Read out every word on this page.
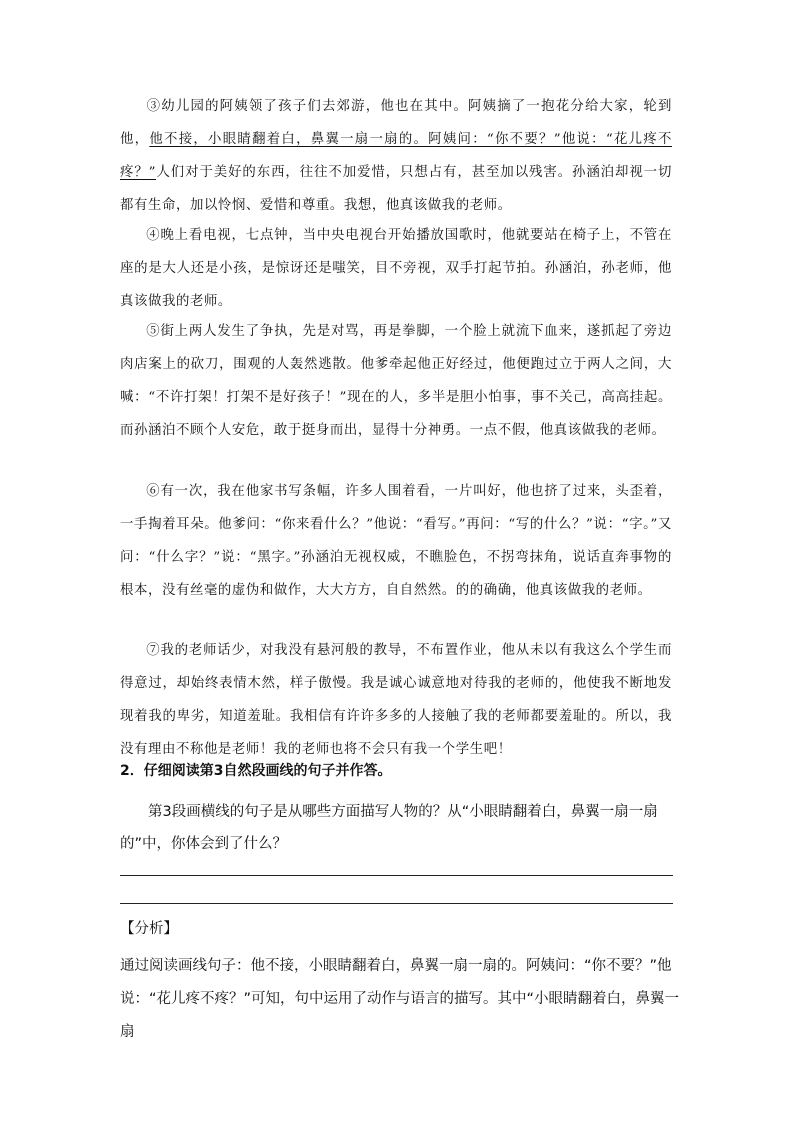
③幼儿园的阿姨领了孩子们去郊游，他也在其中。阿姨摘了一抱花分给大家，轮到他，他不接，小眼睛翻着白，鼻翼一扇一扇的。阿姨问：“你不要？”他说：“花儿疼不疼？”人们对于美好的东西，往往不加爱惜，只想占有，甚至加以残害。孙涵泊却视一切都有生命，加以怜悯、爱惜和尊重。我想，他真该做我的老师。
④晚上看电视，七点钟，当中央电视台开始播放国歌时，他就要站在椅子上，不管在座的是大人还是小孩，是惊讶还是嗤笑，目不旁视，双手打起节拍。孙涵泊，孙老师，他真该做我的老师。
⑤街上两人发生了争执，先是对骂，再是拳脚，一个脸上就流下血来，遂抓起了旁边肉店案上的砍刀，围观的人轰然逃散。他爹牵起他正好经过，他便跑过立于两人之间，大喊：“不许打架！打架不是好孩子！”现在的人，多半是胆小怕事，事不关己，高高挂起。而孙涵泊不顾个人安危，敢于挺身而出，显得十分神勇。一点不假，他真该做我的老师。
⑥有一次，我在他家书写条幅，许多人围着看，一片叫好，他也挤了过来，头歪着，一手掏着耳朵。他爹问：“你来看什么？”他说：“看写。”再问：“写的什么？”说：“字。”又问：“什么字？”说：“黑字。”孙涵泊无视权威，不瞧脸色，不拐弯抹角，说话直奔事物的根本，没有丝毫的虚伪和做作，大大方方，自自然然。的的确确，他真该做我的老师。
⑦我的老师话少，对我没有悬河般的教导，不布置作业，他从未以有我这么个学生而得意过，却始终表情木然，样子傲慢。我是诚心诚意地对待我的老师的，他使我不断地发现着我的卑劣，知道羞耻。我相信有许许多多的人接触了我的老师都要羞耻的。所以，我没有理由不称他是老师！我的老师也将不会只有我一个学生吧！
2．仔细阅读第3自然段画线的句子并作答。
第3段画横线的句子是从哪些方面描写人物的？从“小眼睛翻着白，鼻翼一扇一扇的”中，你体会到了什么？
【分析】
通过阅读画线句子：他不接，小眼睛翻着白，鼻翼一扇一扇的。阿姨问：“你不要？”他说：“花儿疼不疼？”可知，句中运用了动作与语言的描写。其中“小眼睛翻着白，鼻翼一扇
